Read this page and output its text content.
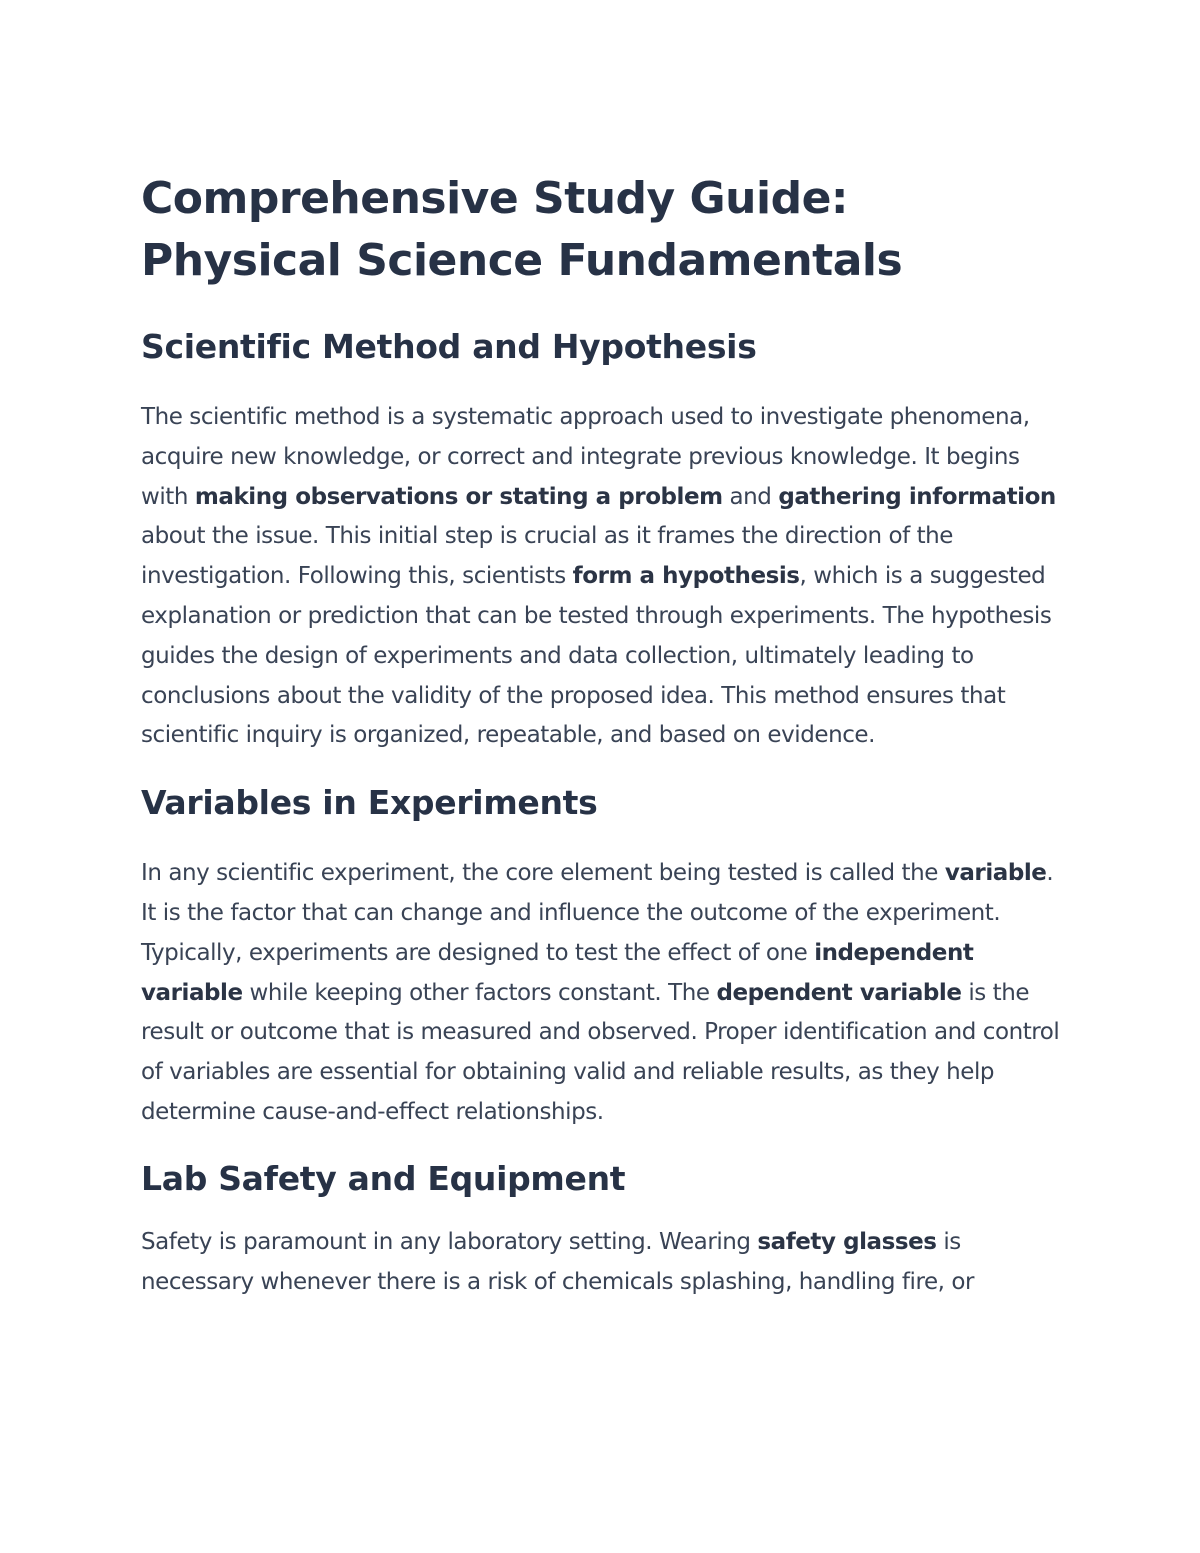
Comprehensive Study Guide: Physical Science Fundamentals
Scientific Method and Hypothesis

The scientific method is a systematic approach used to investigate phenomena, acquire new knowledge, or correct and integrate previous knowledge. It begins with making observations or stating a problem and gathering information about the issue. This initial step is crucial as it frames the direction of the investigation. Following this, scientists form a hypothesis, which is a suggested explanation or prediction that can be tested through experiments. The hypothesis guides the design of experiments and data collection, ultimately leading to conclusions about the validity of the proposed idea. This method ensures that scientific inquiry is organized, repeatable, and based on evidence.

Variables in Experiments

In any scientific experiment, the core element being tested is called the variable. It is the factor that can change and influence the outcome of the experiment. Typically, experiments are designed to test the effect of one independent variable while keeping other factors constant. The dependent variable is the result or outcome that is measured and observed. Proper identification and control of variables are essential for obtaining valid and reliable results, as they help determine cause-and-effect relationships.

Lab Safety and Equipment

Safety is paramount in any laboratory setting. Wearing safety glasses is necessary whenever there is a risk of chemicals splashing, handling fire, or
